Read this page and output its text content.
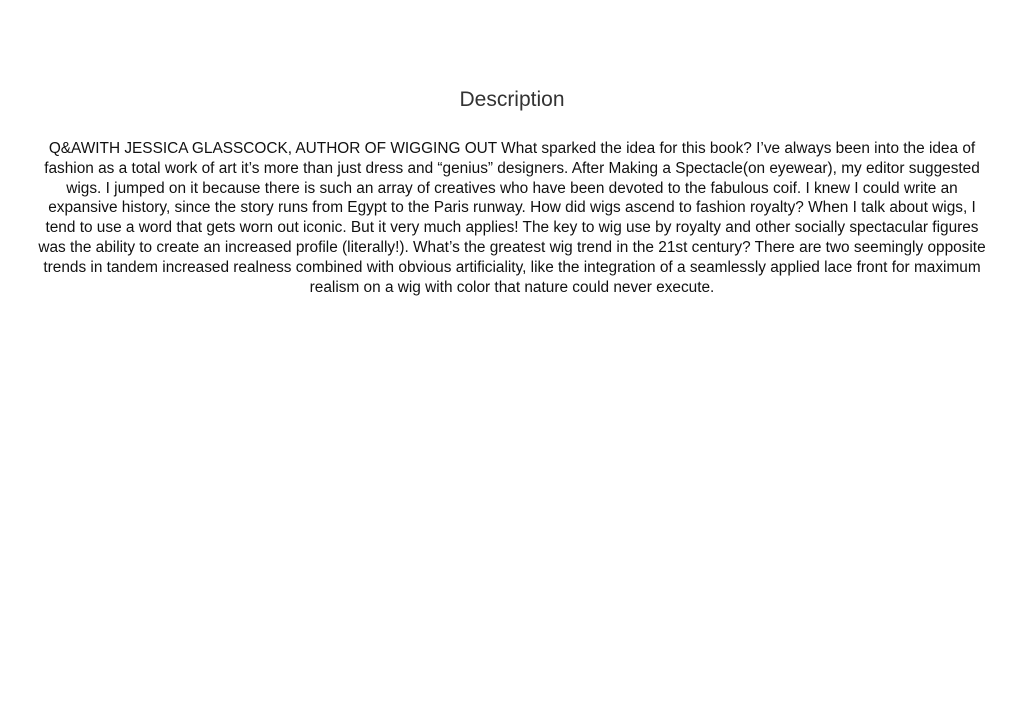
Description
Q&AWITH JESSICA GLASSCOCK, AUTHOR OF WIGGING OUT What sparked the idea for this book? I’ve always been into the idea of fashion as a total work of art it’s more than just dress and “genius” designers. After Making a Spectacle(on eyewear), my editor suggested wigs. I jumped on it because there is such an array of creatives who have been devoted to the fabulous coif. I knew I could write an expansive history, since the story runs from Egypt to the Paris runway. How did wigs ascend to fashion royalty? When I talk about wigs, I tend to use a word that gets worn out iconic. But it very much applies! The key to wig use by royalty and other socially spectacular figures was the ability to create an increased profile (literally!). What’s the greatest wig trend in the 21st century? There are two seemingly opposite trends in tandem increased realness combined with obvious artificiality, like the integration of a seamlessly applied lace front for maximum realism on a wig with color that nature could never execute.
